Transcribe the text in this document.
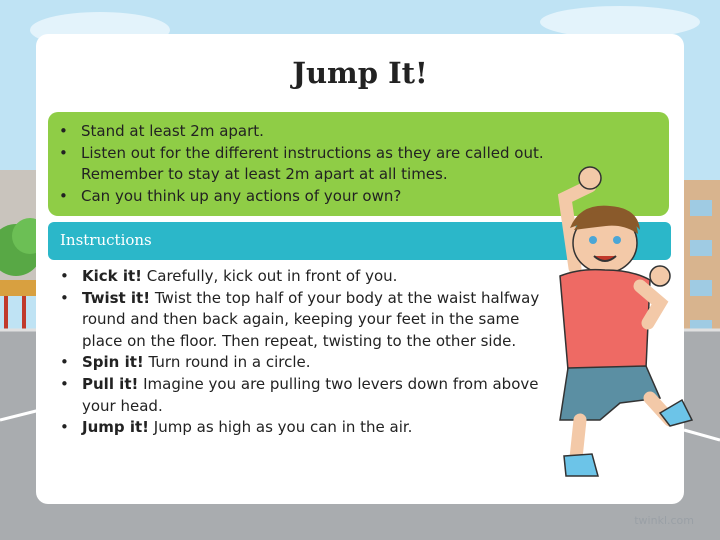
Jump It!
• Stand at least 2m apart.
• Listen out for the different instructions as they are called out. Remember to stay at least 2m apart at all times.
• Can you think up any actions of your own?
Instructions
• Kick it! Carefully, kick out in front of you.
• Twist it! Twist the top half of your body at the waist halfway round and then back again, keeping your feet in the same place on the floor. Then repeat, twisting to the other side.
• Spin it! Turn round in a circle.
• Pull it! Imagine you are pulling two levers down from above your head.
• Jump it! Jump as high as you can in the air.
twinkl.com
